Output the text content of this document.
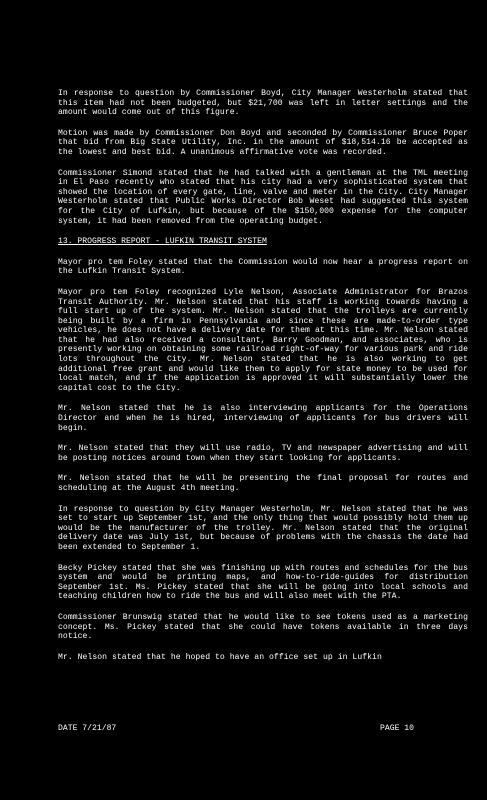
In response to question by Commissioner Boyd, City Manager Westerholm stated that this item had not been budgeted, but $21,700 was left in letter settings and the amount would come out of this figure.

Motion was made by Commissioner Don Boyd and seconded by Commissioner Bruce Poper that bid from Big State Utility, Inc. in the amount of $18,514.16 be accepted as the lowest and best bid. A unanimous affirmative vote was recorded.

Commissioner Simond stated that he had talked with a gentleman at the TML meeting in El Paso recently who stated that his city had a very sophisticated system that showed the location of every gate, line, valve and meter in the City. City Manager Westerholm stated that Public Works Director Bob Weset had suggested this system for the City of Lufkin, but because of the $150,000 expense for the computer system, it had been removed from the operating budget.

13. PROGRESS REPORT - LUFKIN TRANSIT SYSTEM

Mayor pro tem Foley stated that the Commission would now hear a progress report on the Lufkin Transit System.

Mayor pro tem Foley recognized Lyle Nelson, Associate Administrator for Brazos Transit Authority. Mr. Nelson stated that his staff is working towards having a full start up of the system. Mr. Nelson stated that the trolleys are currently being built by a firm in Pennsylvania and since these are made-to-order type vehicles, he does not have a delivery date for them at this time. Mr. Nelson stated that he had also received a consultant, Barry Goodman, and associates, who is presently working on obtaining some railroad right-of-way for various park and ride lots throughout the City. Mr. Nelson stated that he is also working to get additional free grant and would like them to apply for state money to be used for local match, and if the application is approved it will substantially lower the capital cost to the City.

Mr. Nelson stated that he is also interviewing applicants for the Operations Director and when he is hired, interviewing of applicants for bus drivers will begin.

Mr. Nelson stated that they will use radio, TV and newspaper advertising and will be posting notices around town when they start looking for applicants.

Mr. Nelson stated that he will be presenting the final proposal for routes and scheduling at the August 4th meeting.

In response to question by City Manager Westerholm, Mr. Nelson stated that he was set to start up September 1st, and the only thing that would possibly hold them up would be the manufacturer of the trolley. Mr. Nelson stated that the original delivery date was July 1st, but because of problems with the chassis the date had been extended to September 1.

Becky Pickey stated that she was finishing up with routes and schedules for the bus system and would be printing maps, and how-to-ride-guides for distribution September 1st. Ms. Pickey stated that she will be going into local schools and teaching children how to ride the bus and will also meet with the PTA.

Commissioner Brunswig stated that he would like to see tokens used as a marketing concept. Ms. Pickey stated that she could have tokens available in three days notice.

Mr. Nelson stated that he hoped to have an office set up in Lufkin

DATE 7/21/87	PAGE 10
